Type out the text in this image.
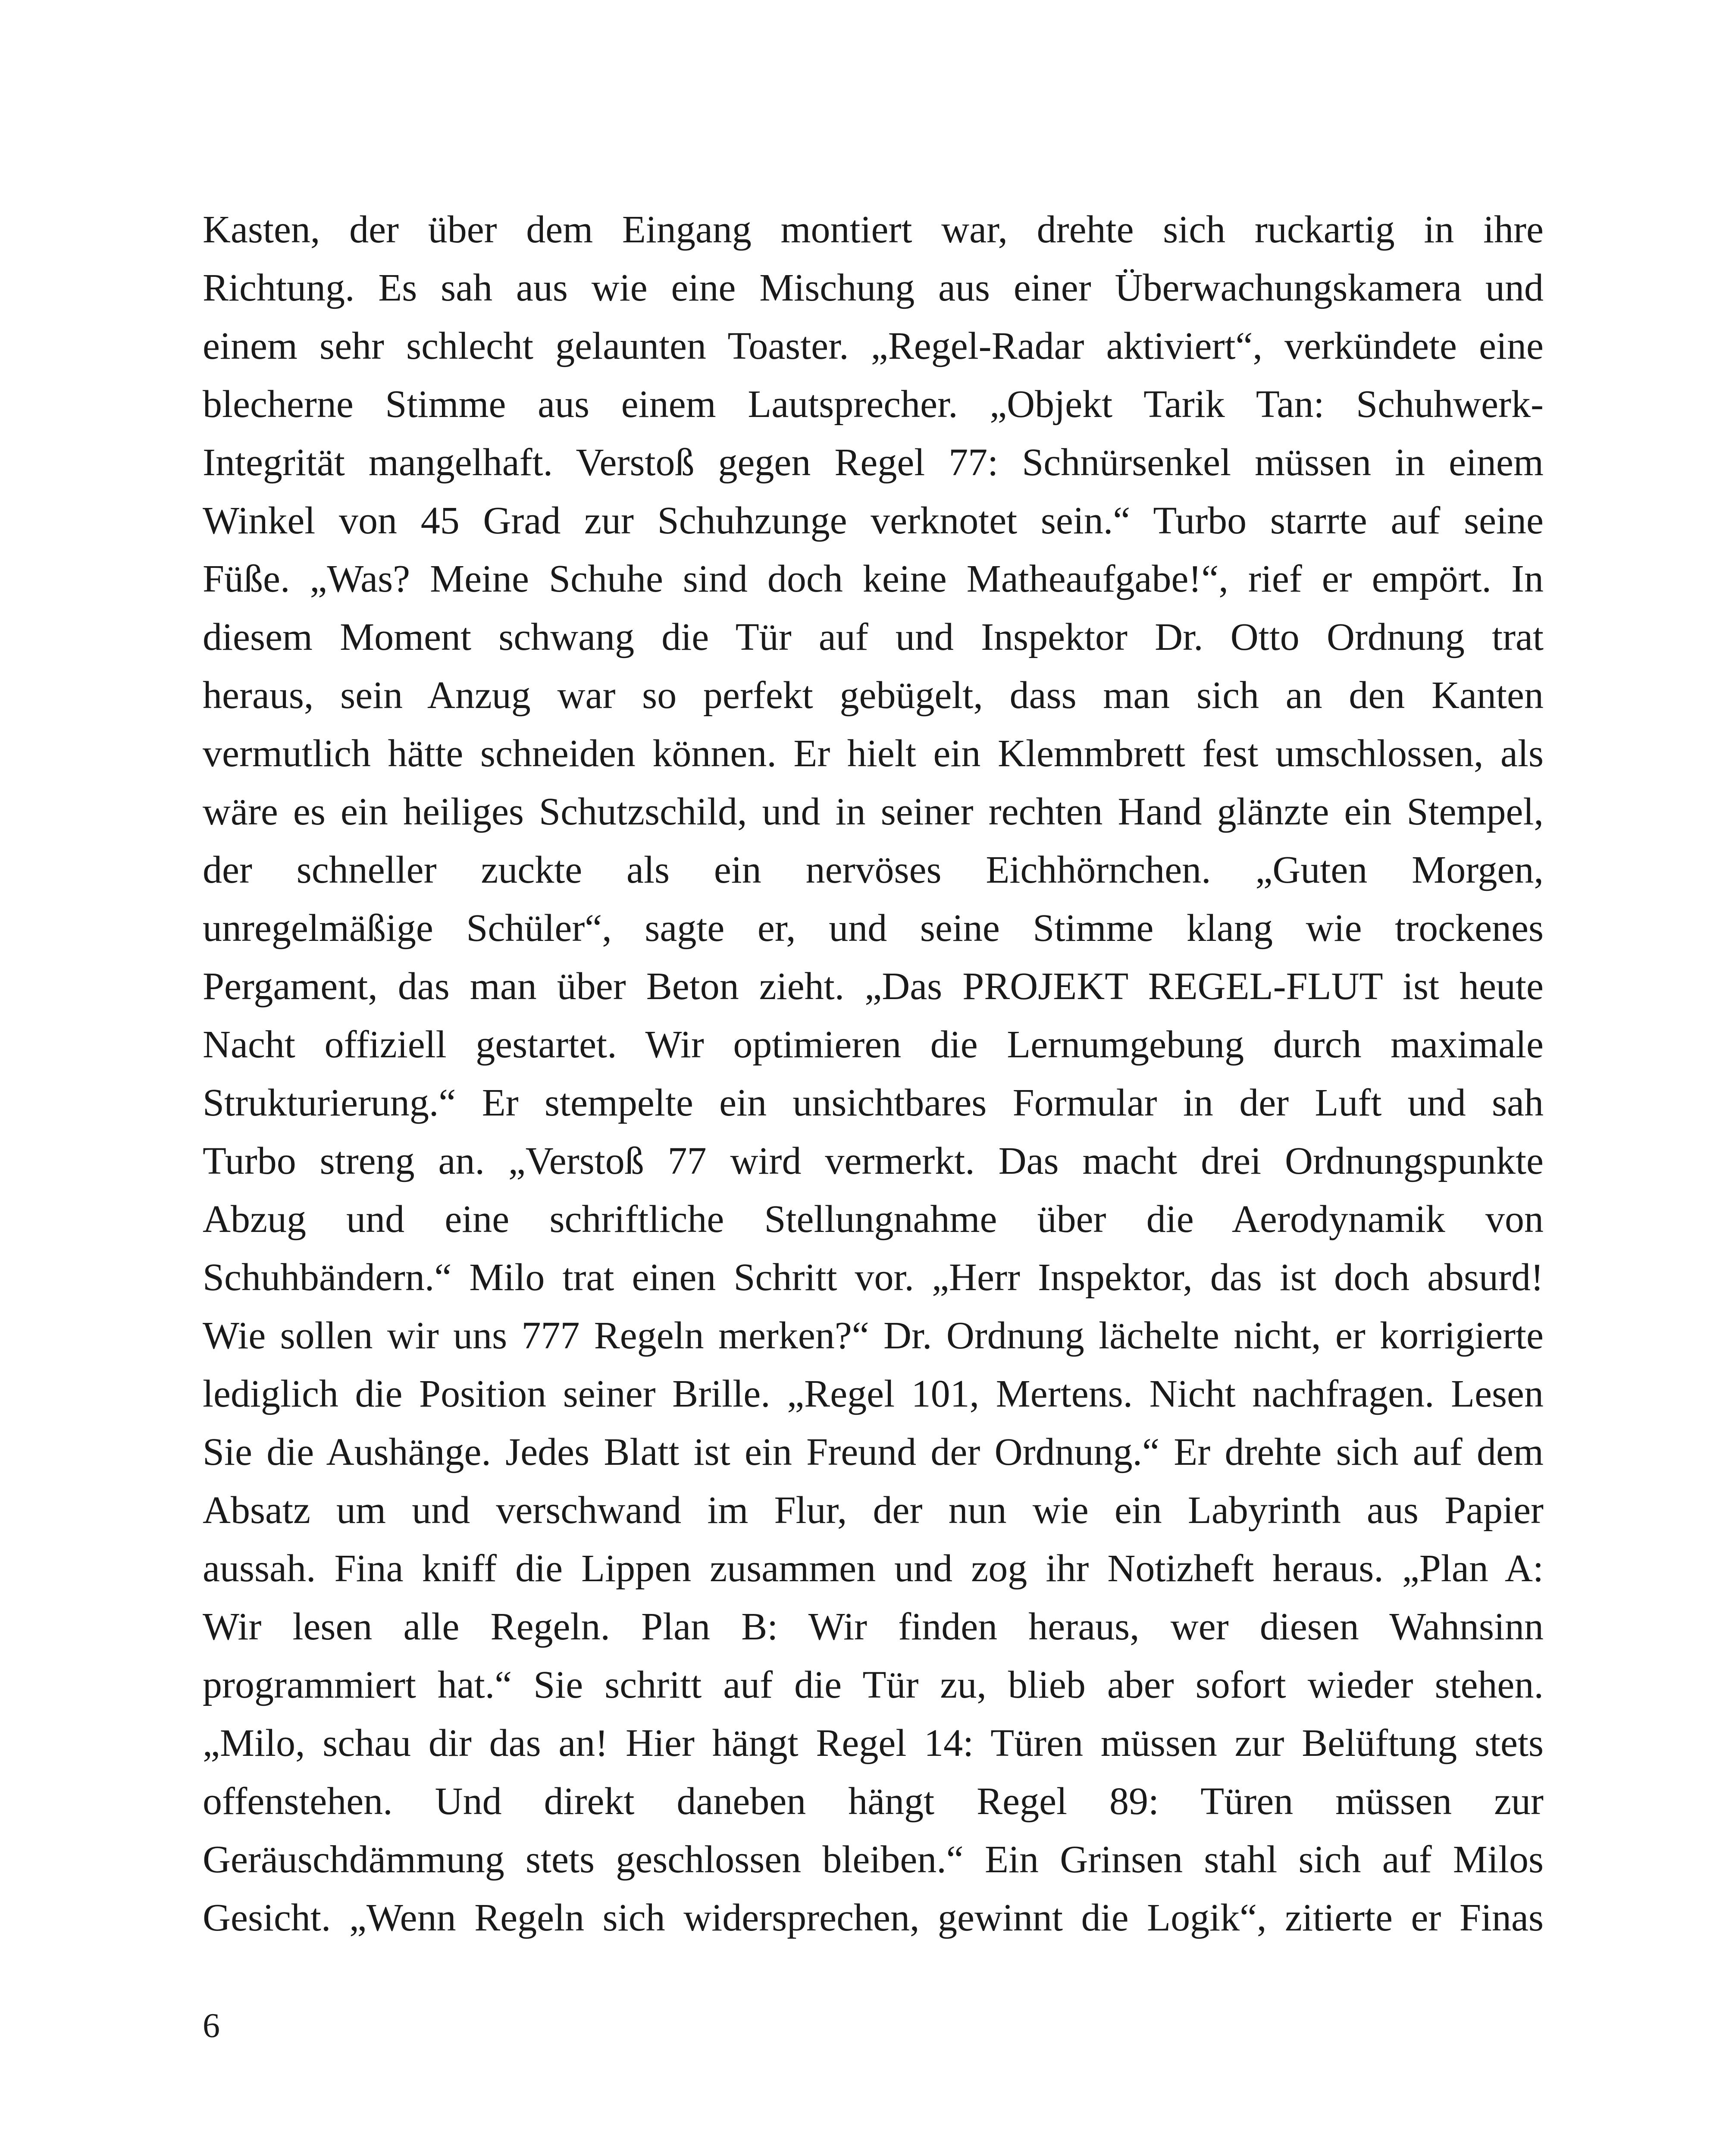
Kasten, der über dem Eingang montiert war, drehte sich ruckartig in ihre
Richtung. Es sah aus wie eine Mischung aus einer Überwachungskamera und
einem sehr schlecht gelaunten Toaster. „Regel-Radar aktiviert“, verkündete eine
blecherne Stimme aus einem Lautsprecher. „Objekt Tarik Tan: Schuhwerk-
Integrität mangelhaft. Verstoß gegen Regel 77: Schnürsenkel müssen in einem
Winkel von 45 Grad zur Schuhzunge verknotet sein.“ Turbo starrte auf seine
Füße. „Was? Meine Schuhe sind doch keine Matheaufgabe!“, rief er empört. In
diesem Moment schwang die Tür auf und Inspektor Dr. Otto Ordnung trat
heraus, sein Anzug war so perfekt gebügelt, dass man sich an den Kanten
vermutlich hätte schneiden können. Er hielt ein Klemmbrett fest umschlossen, als
wäre es ein heiliges Schutzschild, und in seiner rechten Hand glänzte ein Stempel,
der schneller zuckte als ein nervöses Eichhörnchen. „Guten Morgen,
unregelmäßige Schüler“, sagte er, und seine Stimme klang wie trockenes
Pergament, das man über Beton zieht. „Das PROJEKT REGEL-FLUT ist heute
Nacht offiziell gestartet. Wir optimieren die Lernumgebung durch maximale
Strukturierung.“ Er stempelte ein unsichtbares Formular in der Luft und sah
Turbo streng an. „Verstoß 77 wird vermerkt. Das macht drei Ordnungspunkte
Abzug und eine schriftliche Stellungnahme über die Aerodynamik von
Schuhbändern.“ Milo trat einen Schritt vor. „Herr Inspektor, das ist doch absurd!
Wie sollen wir uns 777 Regeln merken?“ Dr. Ordnung lächelte nicht, er korrigierte
lediglich die Position seiner Brille. „Regel 101, Mertens. Nicht nachfragen. Lesen
Sie die Aushänge. Jedes Blatt ist ein Freund der Ordnung.“ Er drehte sich auf dem
Absatz um und verschwand im Flur, der nun wie ein Labyrinth aus Papier
aussah. Fina kniff die Lippen zusammen und zog ihr Notizheft heraus. „Plan A:
Wir lesen alle Regeln. Plan B: Wir finden heraus, wer diesen Wahnsinn
programmiert hat.“ Sie schritt auf die Tür zu, blieb aber sofort wieder stehen.
„Milo, schau dir das an! Hier hängt Regel 14: Türen müssen zur Belüftung stets
offenstehen. Und direkt daneben hängt Regel 89: Türen müssen zur
Geräuschdämmung stets geschlossen bleiben.“ Ein Grinsen stahl sich auf Milos
Gesicht. „Wenn Regeln sich widersprechen, gewinnt die Logik“, zitierte er Finas
6
